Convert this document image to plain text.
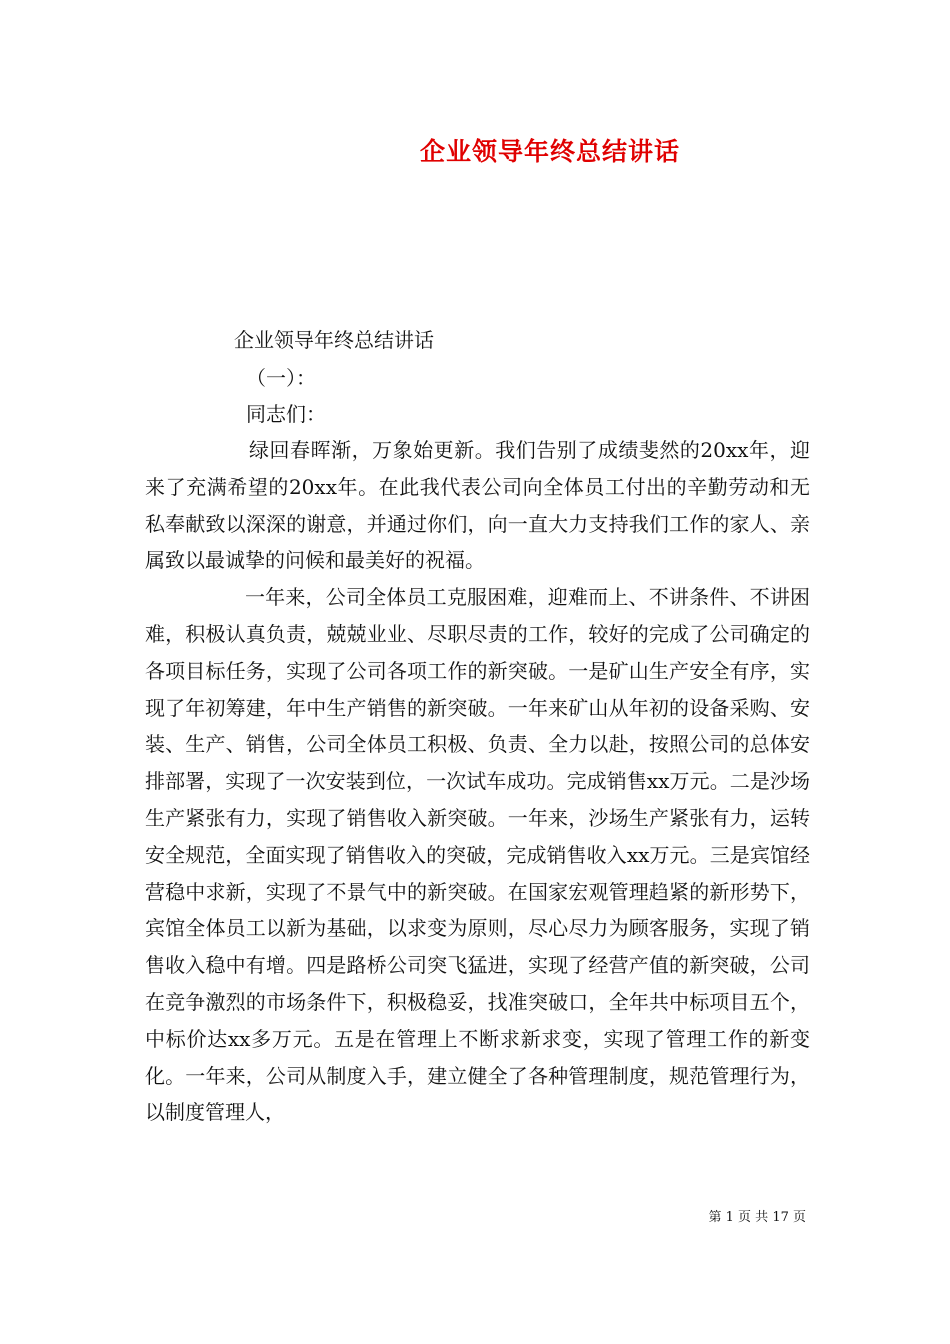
企业领导年终总结讲话
企业领导年终总结讲话
（一）：
同志们：

绿回春晖渐，万象始更新。我们告别了成绩斐然的20xx年，迎来了充满希望的20xx年。在此我代表公司向全体员工付出的辛勤劳动和无私奉献致以深深的谢意，并通过你们，向一直大力支持我们工作的家人、亲属致以最诚挚的问候和最美好的祝福。

一年来，公司全体员工克服困难，迎难而上、不讲条件、不讲困难，积极认真负责，兢兢业业、尽职尽责的工作，较好的完成了公司确定的各项目标任务，实现了公司各项工作的新突破。一是矿山生产安全有序，实现了年初筹建，年中生产销售的新突破。一年来矿山从年初的设备采购、安装、生产、销售，公司全体员工积极、负责、全力以赴，按照公司的总体安排部署，实现了一次安装到位，一次试车成功。完成销售xx万元。二是沙场生产紧张有力，实现了销售收入新突破。一年来，沙场生产紧张有力，运转安全规范，全面实现了销售收入的突破，完成销售收入xx万元。三是宾馆经营稳中求新，实现了不景气中的新突破。在国家宏观管理趋紧的新形势下，宾馆全体员工以新为基础，以求变为原则，尽心尽力为顾客服务，实现了销售收入稳中有增。四是路桥公司突飞猛进，实现了经营产值的新突破，公司在竞争激烈的市场条件下，积极稳妥，找准突破口，全年共中标项目五个，中标价达xx多万元。五是在管理上不断求新求变，实现了管理工作的新变化。一年来，公司从制度入手，建立健全了各种管理制度，规范管理行为，以制度管理人，

第 1 页 共 17 页
